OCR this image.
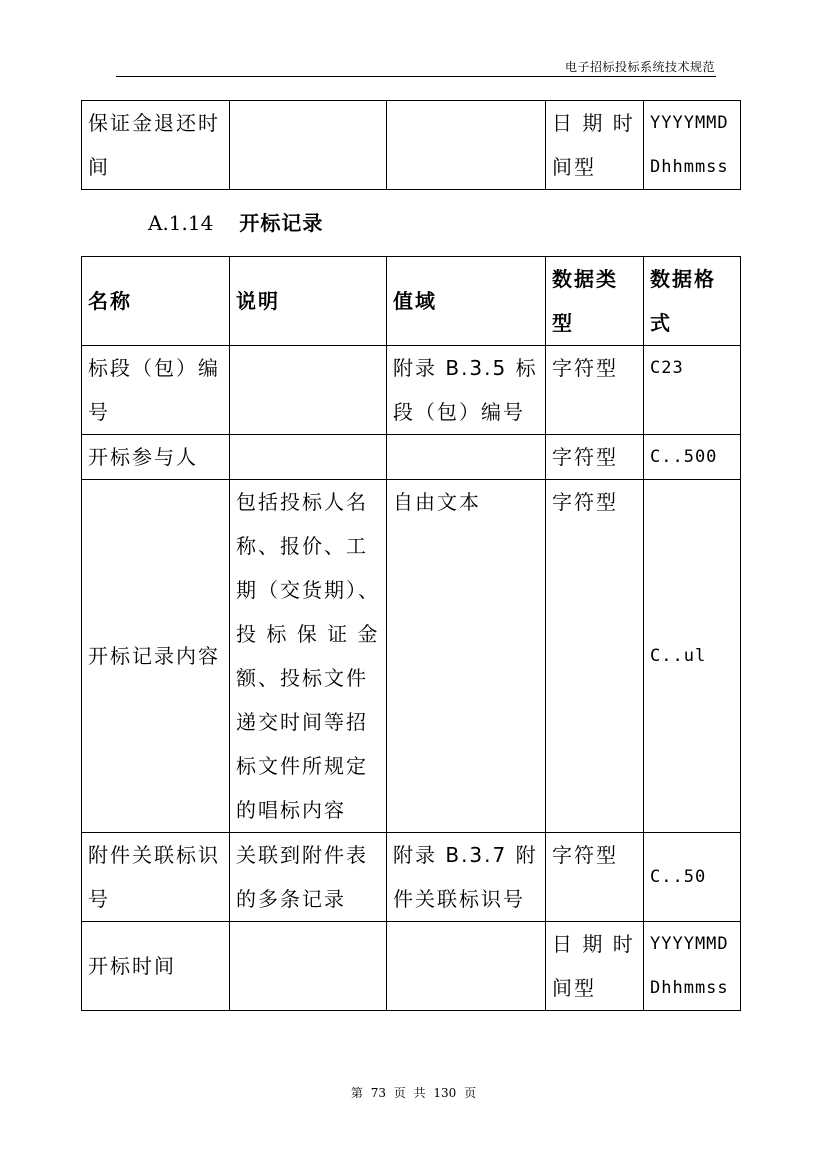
电子招标投标系统技术规范
保证金退还时间			日 期 时间型	YYYYMMDDhhmmss
A.1.14 开标记录
名称	说明	值域	数据类型	数据格式
标段（包）编号		附录 B.3.5 标段（包）编号	字符型	C23
开标参与人			字符型	C..500
开标记录内容	包括投标人名称、报价、工期（交货期）、投 标 保 证 金额、投标文件递交时间等招标文件所规定的唱标内容	自由文本	字符型	C..ul
附件关联标识号	关联到附件表的多条记录	附录 B.3.7 附件关联标识号	字符型	C..50
开标时间			日 期 时间型	YYYYMMDDhhmmss
第 73 页 共 130 页
